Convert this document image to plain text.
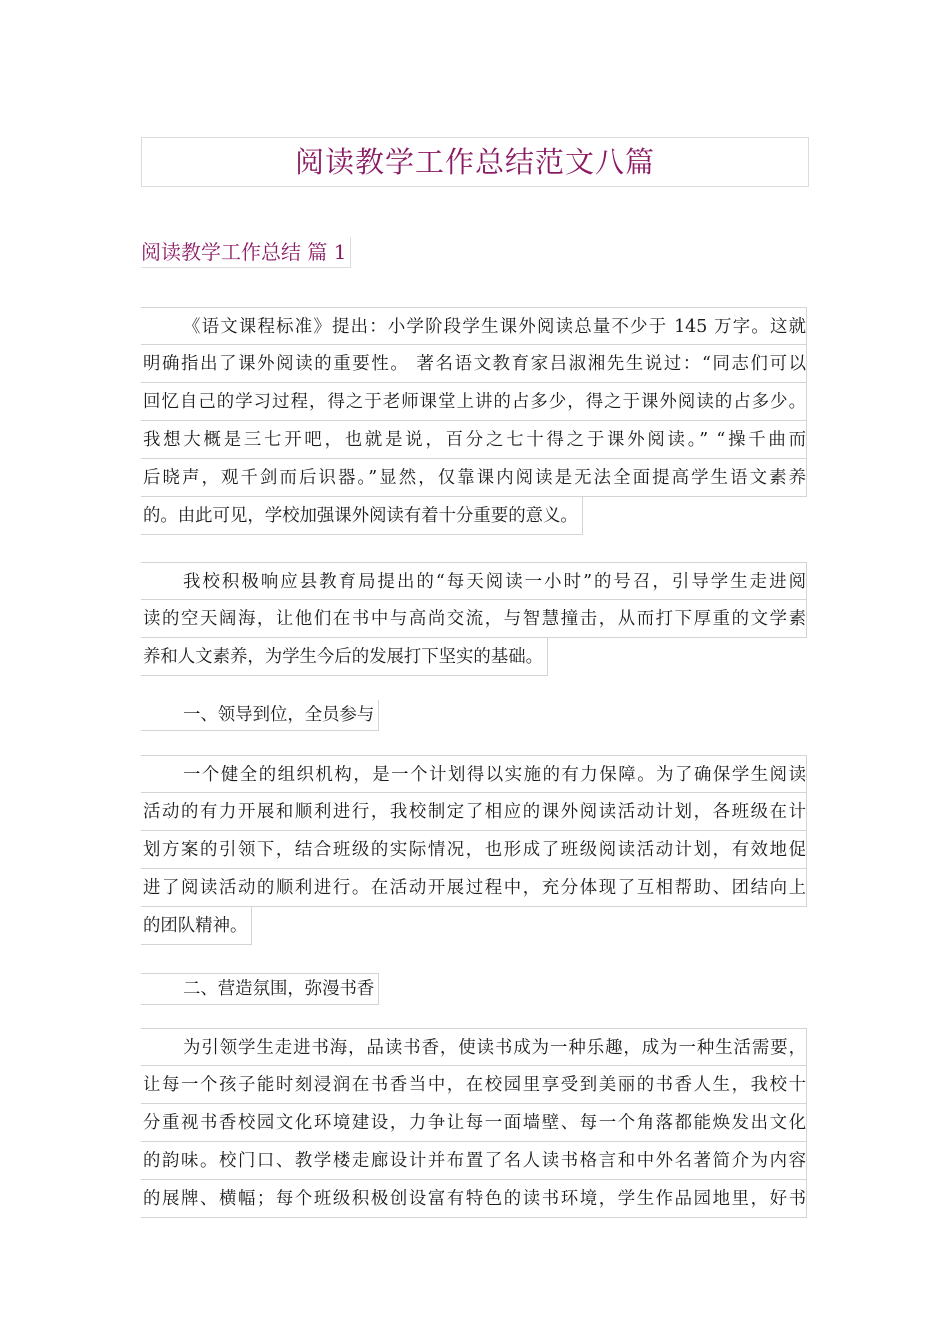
阅读教学工作总结范文八篇
阅读教学工作总结 篇 1
《语文课程标准》提出：小学阶段学生课外阅读总量不少于 145 万字。这就
明确指出了课外阅读的重要性。 著名语文教育家吕淑湘先生说过：“同志们可以
回忆自己的学习过程，得之于老师课堂上讲的占多少，得之于课外阅读的占多少。
我想大概是三七开吧，也就是说，百分之七十得之于课外阅读。” “操千曲而
后晓声，观千剑而后识器。”显然，仅靠课内阅读是无法全面提高学生语文素养
的。由此可见，学校加强课外阅读有着十分重要的意义。
我校积极响应县教育局提出的“每天阅读一小时”的号召，引导学生走进阅
读的空天阔海，让他们在书中与高尚交流，与智慧撞击，从而打下厚重的文学素
养和人文素养，为学生今后的发展打下坚实的基础。
一、领导到位，全员参与
一个健全的组织机构，是一个计划得以实施的有力保障。为了确保学生阅读
活动的有力开展和顺利进行，我校制定了相应的课外阅读活动计划，各班级在计
划方案的引领下，结合班级的实际情况，也形成了班级阅读活动计划，有效地促
进了阅读活动的顺利进行。在活动开展过程中，充分体现了互相帮助、团结向上
的团队精神。
二、营造氛围，弥漫书香
为引领学生走进书海，品读书香，使读书成为一种乐趣，成为一种生活需要，
让每一个孩子能时刻浸润在书香当中，在校园里享受到美丽的书香人生，我校十
分重视书香校园文化环境建设，力争让每一面墙壁、每一个角落都能焕发出文化
的韵味。校门口、教学楼走廊设计并布置了名人读书格言和中外名著简介为内容
的展牌、横幅；每个班级积极创设富有特色的读书环境，学生作品园地里，好书
